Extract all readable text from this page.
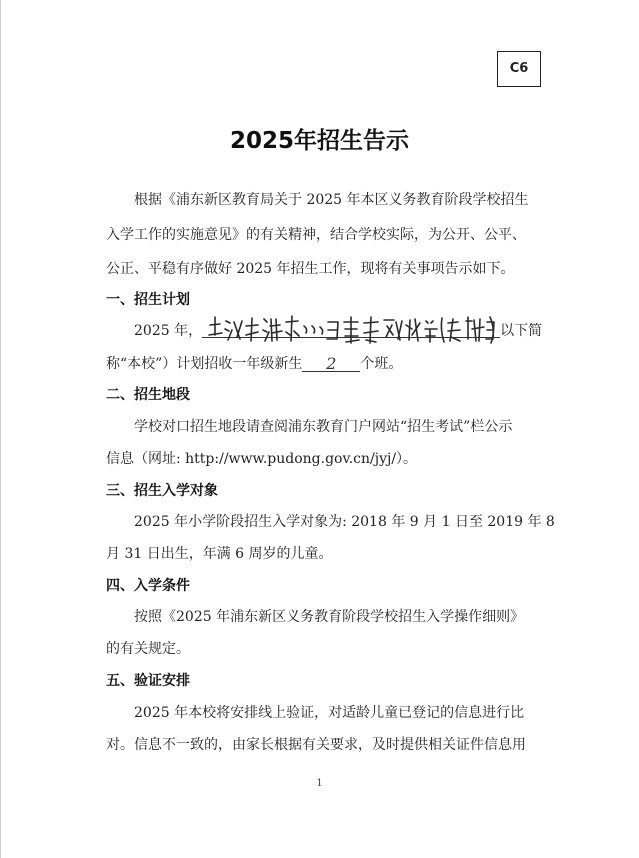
C6
2025年招生告示
根据《浦东新区教育局关于 2025 年本区义务教育阶段学校招生
入学工作的实施意见》的有关精神，结合学校实际，为公开、公平、
公正、平稳有序做好 2025 年招生工作，现将有关事项告示如下。
一、招生计划
2025 年，	以下简
称“本校”）计划招收一年级新生 2 个班。
二、招生地段
学校对口招生地段请查阅浦东教育门户网站“招生考试”栏公示
信息（网址: http://www.pudong.gov.cn/jyj/）。
三、招生入学对象
2025 年小学阶段招生入学对象为: 2018 年 9 月 1 日至 2019 年 8
月 31 日出生，年满 6 周岁的儿童。
四、入学条件
按照《2025 年浦东新区义务教育阶段学校招生入学操作细则》
的有关规定。
五、验证安排
2025 年本校将安排线上验证，对适龄儿童已登记的信息进行比
对。信息不一致的，由家长根据有关要求，及时提供相关证件信息用
1
